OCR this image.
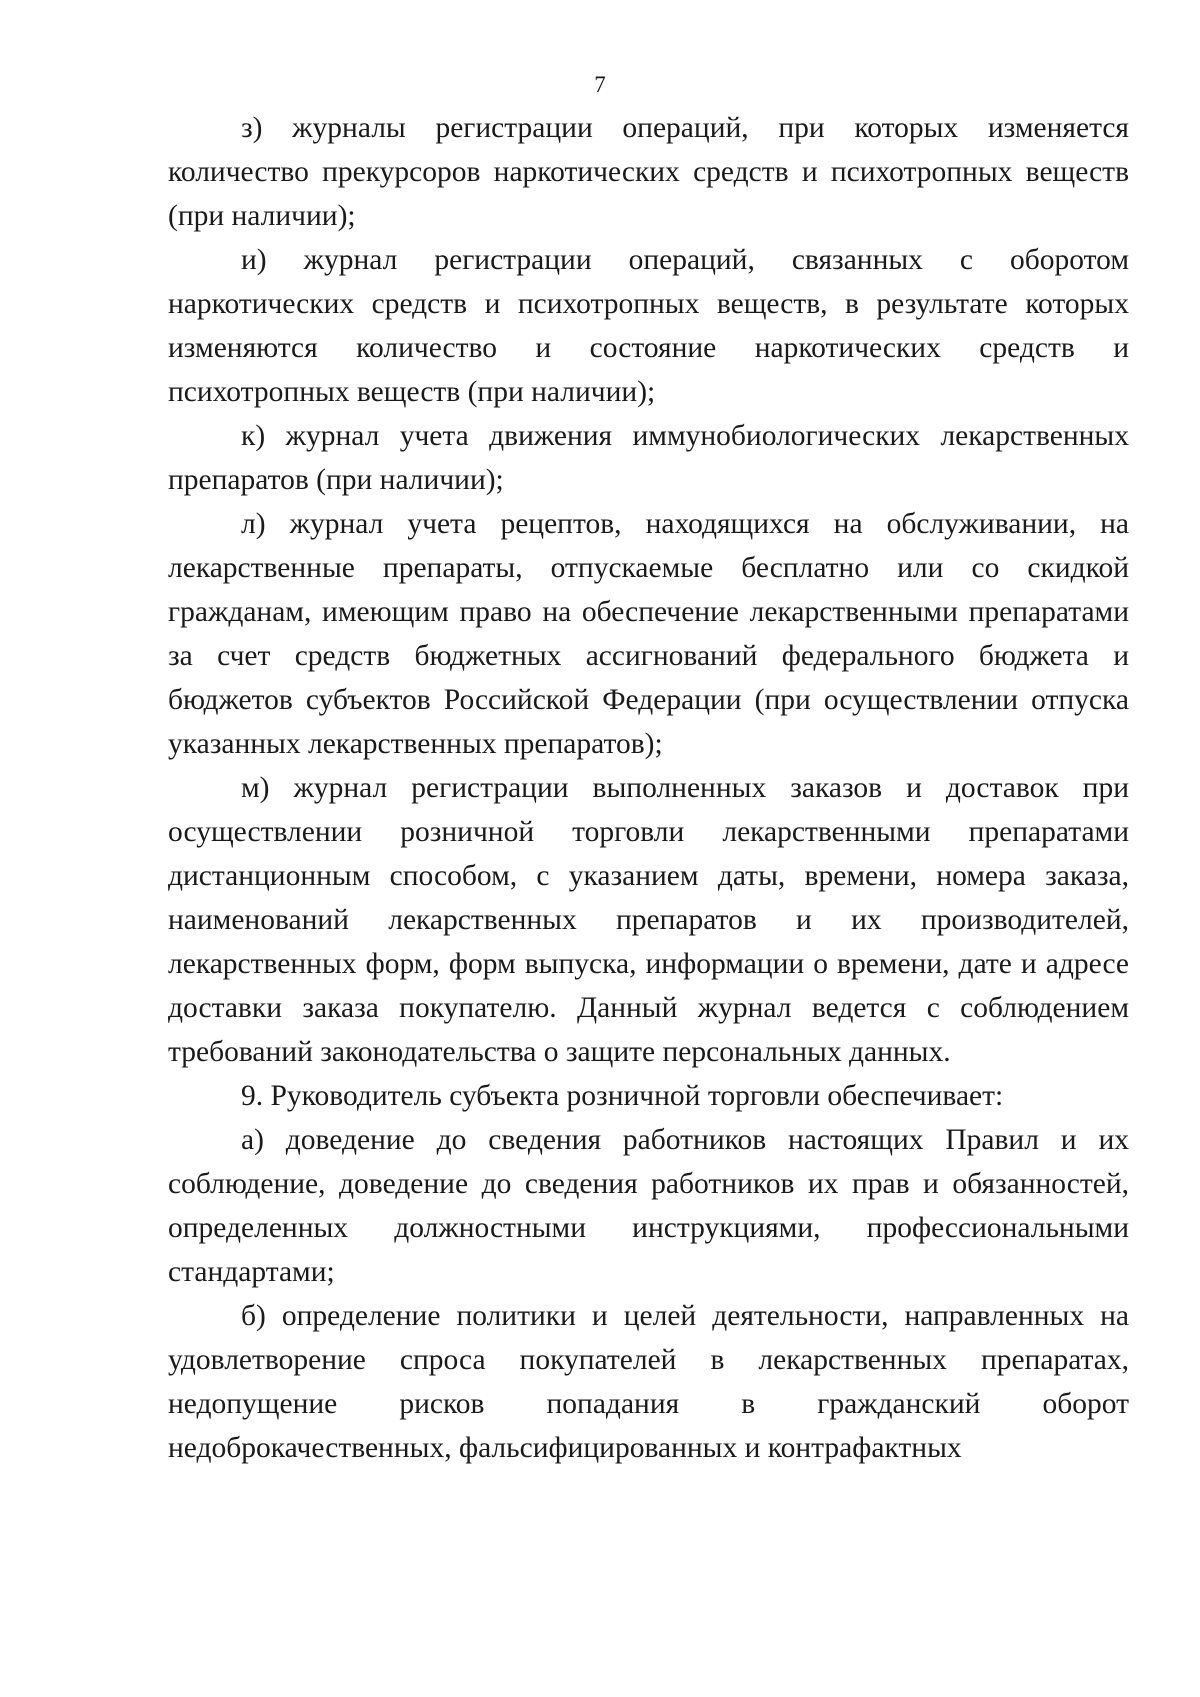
7

з) журналы регистрации операций, при которых изменяется количество прекурсоров наркотических средств и психотропных веществ (при наличии);

и) журнал регистрации операций, связанных с оборотом наркотических средств и психотропных веществ, в результате которых изменяются количество и состояние наркотических средств и психотропных веществ (при наличии);

к) журнал учета движения иммунобиологических лекарственных препаратов (при наличии);

л) журнал учета рецептов, находящихся на обслуживании, на лекарственные препараты, отпускаемые бесплатно или со скидкой гражданам, имеющим право на обеспечение лекарственными препаратами за счет средств бюджетных ассигнований федерального бюджета и бюджетов субъектов Российской Федерации (при осуществлении отпуска указанных лекарственных препаратов);

м) журнал регистрации выполненных заказов и доставок при осуществлении розничной торговли лекарственными препаратами дистанционным способом, с указанием даты, времени, номера заказа, наименований лекарственных препаратов и их производителей, лекарственных форм, форм выпуска, информации о времени, дате и адресе доставки заказа покупателю. Данный журнал ведется с соблюдением требований законодательства о защите персональных данных.

9. Руководитель субъекта розничной торговли обеспечивает:

а) доведение до сведения работников настоящих Правил и их соблюдение, доведение до сведения работников их прав и обязанностей, определенных должностными инструкциями, профессиональными стандартами;

б) определение политики и целей деятельности, направленных на удовлетворение спроса покупателей в лекарственных препаратах, недопущение рисков попадания в гражданский оборот недоброкачественных, фальсифицированных и контрафактных
